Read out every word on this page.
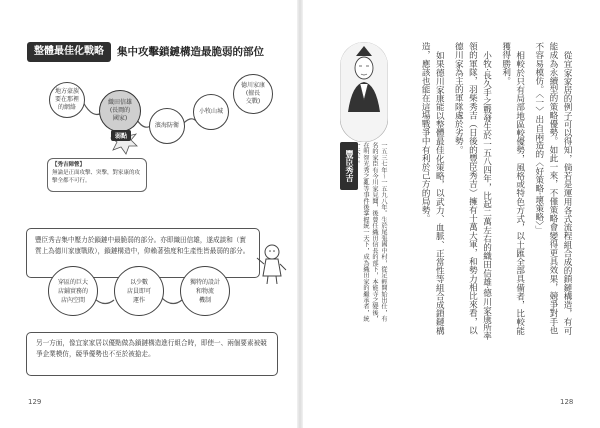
整體最佳化戰略	集中攻擊鎖鏈構造最脆弱的部位
地方豪族
要在那裡
的網絡
織田信雄
(長岡的
國家)
弱點
濱海防衛
小牧山城
德川家康
(擅長
交戰)
【秀吉陣營】
無論是正面攻擊、突擊，對家康的攻擊全都不可行。
豐臣秀吉集中壓力於鎖鏈中最脆弱的部分。亦即織田信雄，遂成談和（實質上為德川家康戰敗），鎖鏈構造中，仰賴著強度和生產性皆最弱的部分。
穿區的巨大
店鋪實務的
店內空間
以少數
店員即可
運作
獨特的設計
和物流
機制
另一方面，像宜家家居以優點做為鎖鏈構造進行組合時，即使一、兩個要素被競爭企業模仿，競爭優勢也不至於被搶走。
129
豐臣秀吉	一五三七年～一五九八年。生於尾張國中村，從足輕開始出仕，有名的家臣有今川家見聞，後曾任織田信長的部下，本能寺之變後，在明智光秀之亂等事件後掌握統一天下，成為織田家的繼承者，統一天下。	從宜家家居的例子可以得知，倘若是運用各式流程組合成的鎖鏈構造，有可能成為永續型的策略優勢。如此一來，不僅策略會變得更具效果，競爭對手也不容易模仿。〈一〉出自兩造的〈好策略·壞策略〉」

相較於只有局部地區較優勢，風格或特色方式，以土匯全部具備者，比較能獲得勝利。

小牧·長久手之戰發生於一五八四年，比起二萬左右的織田信雄·德川家康所率領的軍隊，羽柴秀吉（日後的豐臣秀吉）擁有十萬大軍，和勢力相比來看，以德川家為主的軍隊處於劣勢。

如果德川家康能以整體最佳化策略，以武力、血脈、正當性等組合成鎖鏈構造，應該也能在這場戰爭中有利於己方的局勢。

128
